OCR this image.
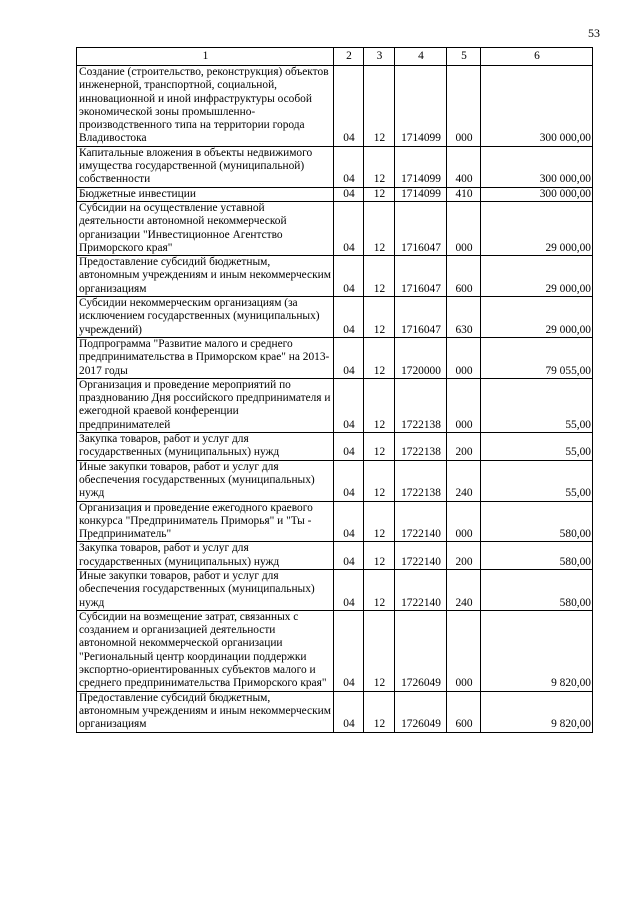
53
1	2	3	4	5	6
Создание (строительство, реконструкция) объектов инженерной, транспортной, социальной, инновационной и иной инфраструктуры особой экономической зоны промышленно-производственного типа на территории города Владивостока	04	12	1714099	000	300 000,00
Капитальные вложения в объекты недвижимого имущества государственной (муниципальной) собственности	04	12	1714099	400	300 000,00
Бюджетные инвестиции	04	12	1714099	410	300 000,00
Субсидии на осуществление уставной деятельности автономной некоммерческой организации "Инвестиционное Агентство Приморского края"	04	12	1716047	000	29 000,00
Предоставление субсидий бюджетным, автономным учреждениям и иным некоммерческим организациям	04	12	1716047	600	29 000,00
Субсидии некоммерческим организациям (за исключением государственных (муниципальных) учреждений)	04	12	1716047	630	29 000,00
Подпрограмма "Развитие малого и среднего предпринимательства в Приморском крае" на 2013-2017 годы	04	12	1720000	000	79 055,00
Организация и проведение мероприятий по празднованию Дня российского предпринимателя и ежегодной краевой конференции предпринимателей	04	12	1722138	000	55,00
Закупка товаров, работ и услуг для государственных (муниципальных) нужд	04	12	1722138	200	55,00
Иные закупки товаров, работ и услуг для обеспечения государственных (муниципальных) нужд	04	12	1722138	240	55,00
Организация и проведение ежегодного краевого конкурса "Предприниматель Приморья" и "Ты - Предприниматель"	04	12	1722140	000	580,00
Закупка товаров, работ и услуг для государственных (муниципальных) нужд	04	12	1722140	200	580,00
Иные закупки товаров, работ и услуг для обеспечения государственных (муниципальных) нужд	04	12	1722140	240	580,00
Субсидии на возмещение затрат, связанных с созданием и организацией деятельности автономной некоммерческой организации "Региональный центр координации поддержки экспортно-ориентированных субъектов малого и среднего предпринимательства Приморского края"	04	12	1726049	000	9 820,00
Предоставление субсидий бюджетным, автономным учреждениям и иным некоммерческим организациям	04	12	1726049	600	9 820,00
